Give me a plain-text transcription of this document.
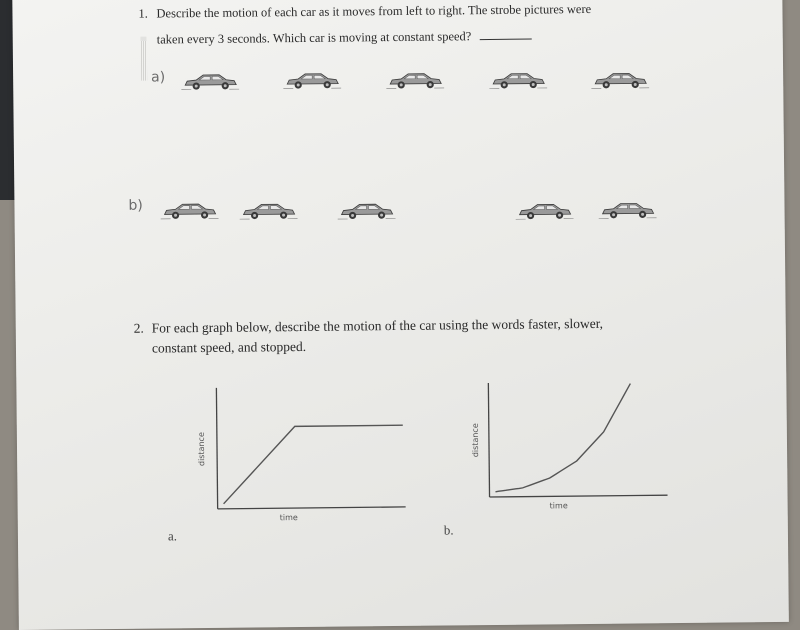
1. Describe the motion of each car as it moves from left to right. The strobe pictures were
taken every 3 seconds. Which car is moving at constant speed?
a)
b)
2. For each graph below, describe the motion of the car using the words faster, slower,
constant speed, and stopped.
distance
time
a.
distance
time
b.
